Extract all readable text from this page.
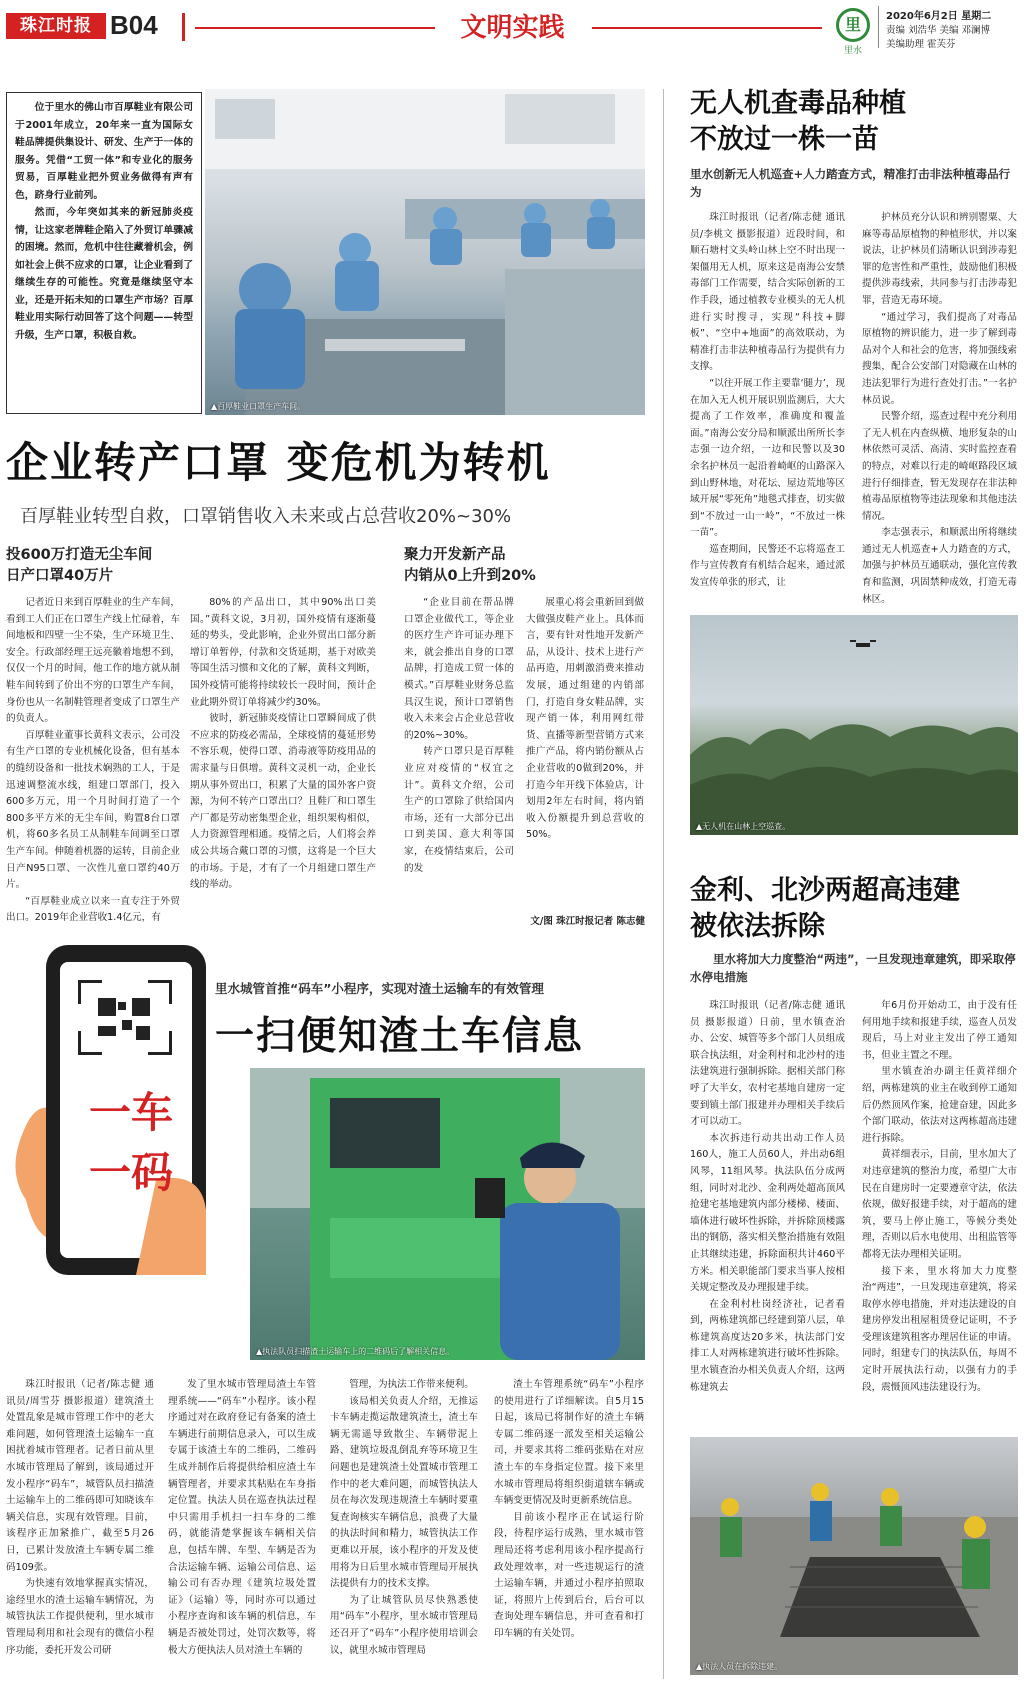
珠江时报 B04	文明实践	里
里水
2020年6月2日 星期二
责编 刘浩华 美编 邓澜博
美编助理 霍芙芬

位于里水的佛山市百厚鞋业有限公司于2001年成立，20年来一直为国际女鞋品牌提供集设计、研发、生产于一体的服务。凭借“工贸一体”和专业化的服务贸易，百厚鞋业把外贸业务做得有声有色，跻身行业前列。

然而，今年突如其来的新冠肺炎疫情，让这家老牌鞋企陷入了外贸订单骤减的困境。然而，危机中往往藏着机会，例如社会上供不应求的口罩，让企业看到了继续生存的可能性。究竟是继续坚守本业，还是开拓未知的口罩生产市场？百厚鞋业用实际行动回答了这个问题——转型升级，生产口罩，积极自救。

▲百厚鞋业口罩生产车间。
企业转产口罩 变危机为转机
百厚鞋业转型自救，口罩销售收入未来或占总营收20%~30%
投600万打造无尘车间
日产口罩40万片
聚力开发新产品
内销从0上升到20%

记者近日来到百厚鞋业的生产车间，看到工人们正在口罩生产线上忙碌着，车间地板和四壁一尘不染，生产环境卫生、安全。行政部经理王远亮徽着地想不到，仅仅一个月的时间，他工作的地方就从制鞋车间转到了价出不穷的口罩生产车间，身份也从一名制鞋管理者变成了口罩生产的负责人。

百厚鞋业董事长黄科文表示，公司没有生产口罩的专业机械化设备，但有基本的缝纫设备和一批技术娴熟的工人，于是迅速调整流水线，组建口罩部门，投入600多万元，用一个月时间打造了一个800多平方米的无尘车间，购置8台口罩机，将60多名员工从制鞋车间调至口罩生产车间。伸随着机器的运转，目前企业日产N95口罩、一次性儿童口罩约40万片。

“百厚鞋业成立以来一直专注于外贸出口。2019年企业营收1.4亿元，有

80%的产品出口，其中90%出口美国。”黄科文说，3月初，国外疫情有逐渐蔓延的势头，受此影响，企业外贸出口部分新增订单暂停，付款和交货延期，基于对欧美等国生活习惯和文化的了解，黄科文判断，国外疫情可能将持续较长一段时间，预计企业此期外贸订单将减少约30%。

彼时，新冠肺炎疫情让口罩瞬间成了供不应求的防疫必需品，全球疫情的蔓延形势不容乐观，使得口罩、消毒液等防疫用品的需求量与日俱增。黄科文灵机一动，企业长期从事外贸出口，积累了大量的国外客户资源，为何不转产口罩出口？且鞋厂和口罩生产厂都是劳动密集型企业，组织架构相似，人力资源管理相通。疫情之后，人们将会养成公共场合戴口罩的习惯，这将是一个巨大的市场。于是，才有了一个月组建口罩生产线的举动。

“企业目前在帮品牌口罩企业做代工，等企业的医疗生产许可证办理下来，就会推出自身的口罩品牌，打造成工贸一体的模式。”百厚鞋业财务总监具汉生说，预计口罩销售收入未来会占企业总营收的20%~30%。

转产口罩只是百厚鞋业应对疫情的“权宜之计”。黄科文介绍，公司生产的口罩除了供给国内市场，还有一大部分已出口到美国、意大利等国家，在疫情结束后，公司的发

展重心将会重新回到做大做强皮鞋产业上。具体而言，要有针对性地开发新产品，从设计、技术上进行产品再造，用刺激消费来推动发展，通过组建的内销部门，打造自身女鞋品牌，实现产销一体，利用网红带货、直播等新型营销方式来推广产品，将内销份额从占企业营收的0做到20%，并打造今年开线下体验店，计划用2年左右时间，将内销收入份额提升到总营收的50%。

文/图 珠江时报记者 陈志健
无人机查毒品种植
不放过一株一苗
里水创新无人机巡查+人力踏查方式，精准打击非法种植毒品行为

珠江时报讯（记者/陈志健 通讯员/李桃文 摄影报道）近段时间，和顺石塘村文头岭山林上空不时出现一架僵用无人机，原来这是南海公安禁毒部门工作需要，结合实际创新的工作手段，通过植教专业模头的无人机进行实时搜寻，实现“科技+脚板”、“空中+地面”的高效联动，为精准打击非法种植毒品行为提供有力支撑。

“以往开展工作主要靠‘腿力’，现在加入无人机开展识别监测后，大大提高了工作效率，准确度和覆盖面。”南海公安分局和顺派出所所长李志强一边介绍，一边和民警以及30余名护林员一起沿着崎岖的山路深入到山野林地，对花坛、屋边荒地等区域开展“零死角”地毯式排查，切实做到“不放过一山一岭”，“不放过一株一苗”。

巡查期间，民警还不忘将巡查工作与宣传教育有机结合起来，通过派发宣传单张的形式，让

护林员充分认识和辨别罂粟、大麻等毒品原植物的种植形状，并以案说法，让护林员们清晰认识到涉毒犯罪的危害性和严重性，鼓励他们积极提供涉毒线索，共同参与打击涉毒犯罪，营造无毒环境。

“通过学习，我们提高了对毒品原植物的辨识能力，进一步了解到毒品对个人和社会的危害，将加强线索搜集，配合公安部门对隐藏在山林的违法犯罪行为进行查处打击。”一名护林员说。

民警介绍，巡查过程中充分利用了无人机在内查纵横、地形复杂的山林依然可灵活、高清、实时监控查看的特点，对难以行走的崎岖路段区域进行仔细排查，暂无发现存在非法种植毒品原植物等违法现象和其他违法情况。

李志强表示，和顺派出所将继续通过无人机巡查+人力踏查的方式，加强与护林员互通联动，强化宣传教育和监测，巩固禁种成效，打造无毒林区。

▲无人机在山林上空巡查。
金利、北沙两超高违建
被依法拆除
里水将加大力度整治“两违”，一旦发现违章建筑，即采取停水停电措施

珠江时报讯（记者/陈志健 通讯员 摄影报道）日前，里水镇查治办、公安、城管等多个部门人员组成联合执法组，对金利村和北沙村的违法建筑进行强制拆除。据相关部门称呼了大半女，农村宅基地自建房一定要到镇土部门报建并办理相关手续后才可以动工。

本次拆违行动共出动工作人员160人，施工人员60人，并出动6组风琴，11组风琴。执法队伍分成两组，同时对北沙、金利两处超高顶风抢建宅基地建筑内部分楼梯、楼面、墙体进行破坏性拆除，并拆除顶楼露出的钢筋，落实相关整治措施有效阻止其继续违建，拆除面积共计460平方米。相关职能部门要求当事人按相关规定整改及办理报建手续。

在金利村杜岗经济社，记者看到，两栋建筑都已经建到第八层，单栋建筑高度达20多米，执法部门安排工人对两栋建筑进行破坏性拆除。里水镇查治办相关负责人介绍，这两栋建筑去

年6月份开始动工，由于没有任何用地手续和报建手续，巡查人员发现后，马上对业主发出了停工通知书，但业主置之不理。

里水镇查治办副主任黄祥细介绍，两栋建筑的业主在收到停工通知后仍然顶风作案，抢建奋建，因此多个部门联动，依法对这两栋超高违建进行拆除。

黄祥细表示，目前，里水加大了对违章建筑的整治力度，希望广大市民在自建房时一定要遵章守法，依法依规，做好报建手续，对于超高的建筑，要马上停止施工，等候分类处理，否则以后水电使用、出租监管等都将无法办理相关证明。

接下来，里水将加大力度整治“两违”，一旦发现违章建筑，将采取停水停电措施，并对违法建设的自建房停发出租屋租赁登记证明，不予受理该建筑租客办理居住证的申请。同时，组建专门的执法队伍，每周不定时开展执法行动，以强有力的手段，震慑顶风违法建设行为。

▲执法人员在拆除违建。
一车
一码
里水城管首推“码车”小程序，实现对渣土运输车的有效管理
一扫便知渣土车信息
▲执法队员扫描渣土运输车上的二维码后了解相关信息。

珠江时报讯（记者/陈志健 通讯员/周雪芬 摄影报道）建筑渣土处置乱象是城市管理工作中的老大难问题，如何管理渣土运输车一直困扰着城市管理者。记者日前从里水城市管理局了解到，该局通过开发小程序“码车”，城管队员扫描渣土运输车上的二维码即可知晓该车辆关信息，实现有效管理。目前，该程序正加紧推广，截至5月26日，已累计发放渣土车辆专属二维码109张。

为快速有效地掌握真实情况，途经里水的渣土运输车辆情况，为城管执法工作提供便利，里水城市管理局利用和社会现有的微信小程序功能，委托开发公司研

发了里水城市管理局渣土车管理系统——“码车”小程序。该小程序通过对在政府登记有备案的渣土车辆进行前期信息录入，可以生成专属于该渣土车的二维码，二维码生成并制作后将提供给相应渣土车辆管理者，并要求其粘贴在车身指定位置。执法人员在巡查执法过程中只需用手机扫一扫车身的二维码，就能清楚掌握该车辆相关信息，包括车牌、车型、车辆是否为合法运输车辆、运输公司信息、运输公司有否办理《建筑垃圾处置证》（运输）等，同时亦可以通过小程序查询和该车辆的机信息，车辆是否被处罚过，处罚次数等，将极大方便执法人员对渣土车辆的

管理，为执法工作带来便利。

该局相关负责人介绍，无推运卡车辆走揽运散建筑渣土，渣土车辆无需遥导致散尘、车辆带泥上路、建筑垃圾乱倒乱弃等环境卫生问题也是建筑渣土处置城市管理工作中的老大难问题，而城管执法人员在每次发现违规渣土车辆时要重复查询核实车辆信息，浪费了大量的执法时间和精力，城管执法工作更难以开展，该小程序的开发及使用将为日后里水城市管理局开展执法提供有力的技术支撑。

为了让城管队员尽快熟悉使用“码车”小程序，里水城市管理局还召开了“码车”小程序使用培训会议，就里水城市管理局

渣土车管理系统“码车”小程序的使用进行了详细解读。自5月15日起，该局已将制作好的渣土车辆专属二维码逐一派发至相关运输公司，并要求其将二维码张贴在对应渣土车的车身指定位置。接下来里水城市管理局将组织街道辖车辆或车辆变更情况及时更新系统信息。

目前该小程序正在试运行阶段，待程序运行成熟，里水城市管理局还将考虑利用该小程序提高行政处理效率，对一些违规运行的渣土运输车辆，并通过小程序拍照取证，将照片上传到后台，后台可以查询处理车辆信息，并可查看和打印车辆的有关处罚。
